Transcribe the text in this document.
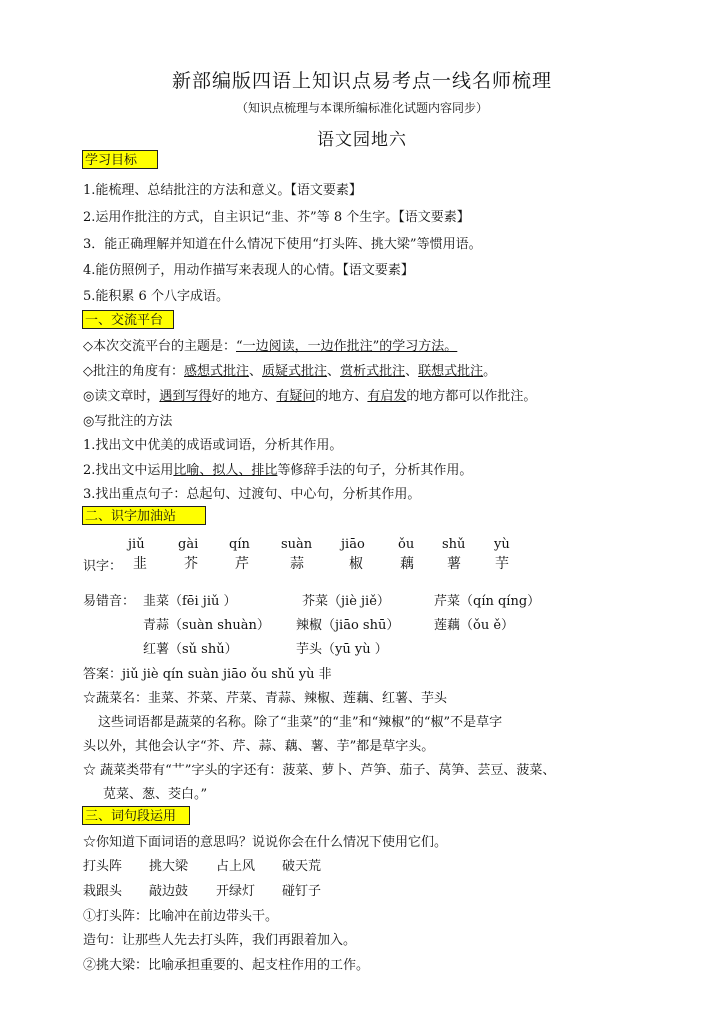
新部编版四语上知识点易考点一线名师梳理
（知识点梳理与本课所编标准化试题内容同步）
语文园地六
学习目标
1.能梳理、总结批注的方法和意义。【语文要素】
2.运用作批注的方式，自主识记“韭、芥”等 8 个生字。【语文要素】
3．能正确理解并知道在什么情况下使用“打头阵、挑大梁”等惯用语。
4.能仿照例子，用动作描写来表现人的心情。【语文要素】
5.能积累 6 个八字成语。
一、交流平台
◇本次交流平台的主题是：“一边阅读，一边作批注”的学习方法。
◇批注的角度有：感想式批注、质疑式批注、赏析式批注、联想式批注。
◎读文章时，遇到写得好的地方、有疑问的地方、有启发的地方都可以作批注。
◎写批注的方法
1.找出文中优美的成语或词语，分析其作用。
2.找出文中运用比喻、拟人、排比等修辞手法的句子，分析其作用。
3.找出重点句子：总起句、过渡句、中心句，分析其作用。
二、识字加油站
jiǔ	gài qín suàn jiāo	ǒu shǔ yù
识字： 韭	芥	芹	蒜	椒	藕 薯 芋
易错音： 韭菜（fēi jiǔ ）	芥菜（jiè jiě）	芹菜（qín qíng）
青蒜（suàn shuàn） 辣椒（jiāo shū）	莲藕（ǒu ě）
红薯（sǔ shǔ）	芋头（yū yù ）
答案：jiǔ jiè qín suàn jiāo ǒu shǔ yù 非
☆蔬菜名：韭菜、芥菜、芹菜、青蒜、辣椒、莲藕、红薯、芋头
这些词语都是蔬菜的名称。除了“韭菜”的“韭”和“辣椒”的“椒”不是草字
头以外，其他会认字“芥、芹、蒜、藕、薯、芋”都是草字头。
☆ 蔬菜类带有“艹”字头的字还有：菠菜、萝卜、芦笋、茄子、莴笋、芸豆、菠菜、
苋菜、葱、茭白。”
三、词句段运用
☆你知道下面词语的意思吗？说说你会在什么情况下使用它们。
打头阵 挑大梁 占上风 破天荒
栽跟头 敲边鼓 开绿灯 碰钉子
①打头阵：比喻冲在前边带头干。
造句：让那些人先去打头阵，我们再跟着加入。
②挑大梁：比喻承担重要的、起支柱作用的工作。
